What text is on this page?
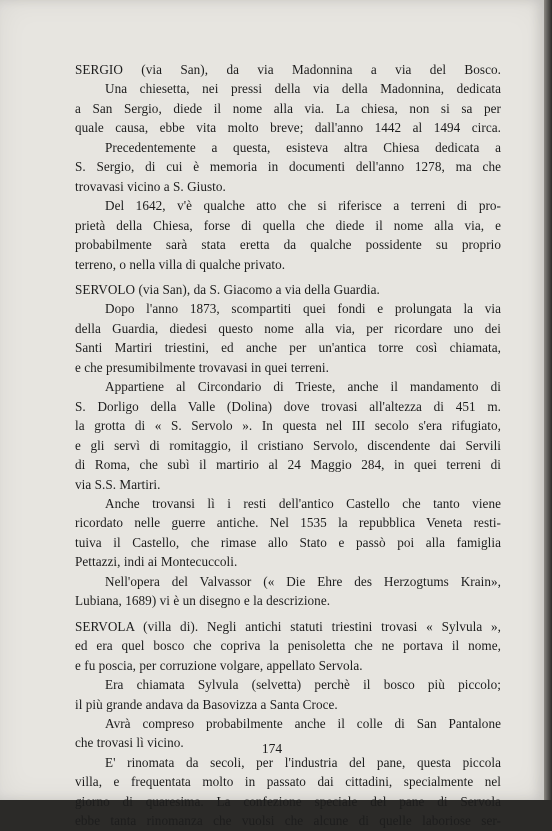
SERGIO (via San), da via Madonnina a via del Bosco.
Una chiesetta, nei pressi della via della Madonnina, dedicata
a San Sergio, diede il nome alla via. La chiesa, non si sa per
quale causa, ebbe vita molto breve; dall'anno 1442 al 1494 circa.
Precedentemente a questa, esisteva altra Chiesa dedicata a
S. Sergio, di cui è memoria in documenti dell'anno 1278, ma che
trovavasi vicino a S. Giusto.
Del 1642, v'è qualche atto che si riferisce a terreni di pro-
prietà della Chiesa, forse di quella che diede il nome alla via, e
probabilmente sarà stata eretta da qualche possidente su proprio
terreno, o nella villa di qualche privato.
SERVOLO (via San), da S. Giacomo a via della Guardia.
Dopo l'anno 1873, scompartiti quei fondi e prolungata la via
della Guardia, diedesi questo nome alla via, per ricordare uno dei
Santi Martiri triestini, ed anche per un'antica torre così chiamata,
e che presumibilmente trovavasi in quei terreni.
Appartiene al Circondario di Trieste, anche il mandamento di
S. Dorligo della Valle (Dolina) dove trovasi all'altezza di 451 m.
la grotta di « S. Servolo ». In questa nel III secolo s'era rifugiato,
e gli servì di romitaggio, il cristiano Servolo, discendente dai Servili
di Roma, che subì il martirio al 24 Maggio 284, in quei terreni di
via S.S. Martiri.
Anche trovansi lì i resti dell'antico Castello che tanto viene
ricordato nelle guerre antiche. Nel 1535 la repubblica Veneta resti-
tuiva il Castello, che rimase allo Stato e passò poi alla famiglia
Pettazzi, indi ai Montecuccoli.
Nell'opera del Valvassor (« Die Ehre des Herzogtums Krain»,
Lubiana, 1689) vi è un disegno e la descrizione.
SERVOLA (villa di). Negli antichi statuti triestini trovasi « Sylvula »,
ed era quel bosco che copriva la penisoletta che ne portava il nome,
e fu poscia, per corruzione volgare, appellato Servola.
Era chiamata Sylvula (selvetta) perchè il bosco più piccolo;
il più grande andava da Basovizza a Santa Croce.
Avrà compreso probabilmente anche il colle di San Pantalone
che trovasi lì vicino.
E' rinomata da secoli, per l'industria del pane, questa piccola
villa, e frequentata molto in passato dai cittadini, specialmente nel
giorno di quaresima. La confezione speciale del pane di Servola
ebbe tanta rinomanza che vuolsi che alcune di quelle laboriose ser-
174
